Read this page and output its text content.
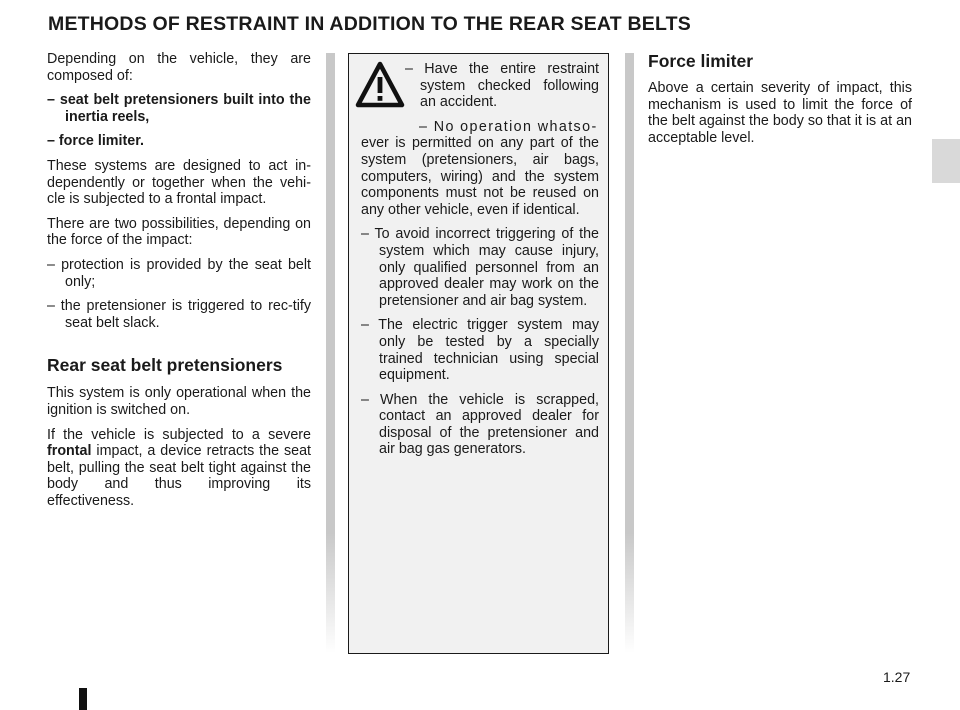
METHODS OF RESTRAINT IN ADDITION TO THE REAR SEAT BELTS

Depending on the vehicle, they are composed of:

– seat belt pretensioners built into the inertia reels,

– force limiter.

These systems are designed to act in-dependently or together when the vehi-cle is subjected to a frontal impact.

There are two possibilities, depending on the force of the impact:

– protection is provided by the seat belt only;

– the pretensioner is triggered to rec-tify seat belt slack.

Rear seat belt pretensioners

This system is only operational when the ignition is switched on.

If the vehicle is subjected to a severe frontal impact, a device retracts the seat belt, pulling the seat belt tight against the body and thus improving its effectiveness.

– Have the entire restraint system checked following an accident.

– No operation whatso-

ever is permitted on any part of the system (pretensioners, air bags, computers, wiring) and the system components must not be reused on any other vehicle, even if identical.

– To avoid incorrect triggering of the system which may cause injury, only qualified personnel from an approved dealer may work on the pretensioner and air bag system.

– The electric trigger system may only be tested by a specially trained technician using special equipment.

– When the vehicle is scrapped, contact an approved dealer for disposal of the pretensioner and air bag gas generators.

Force limiter

Above a certain severity of impact, this mechanism is used to limit the force of the belt against the body so that it is at an acceptable level.

1.27
